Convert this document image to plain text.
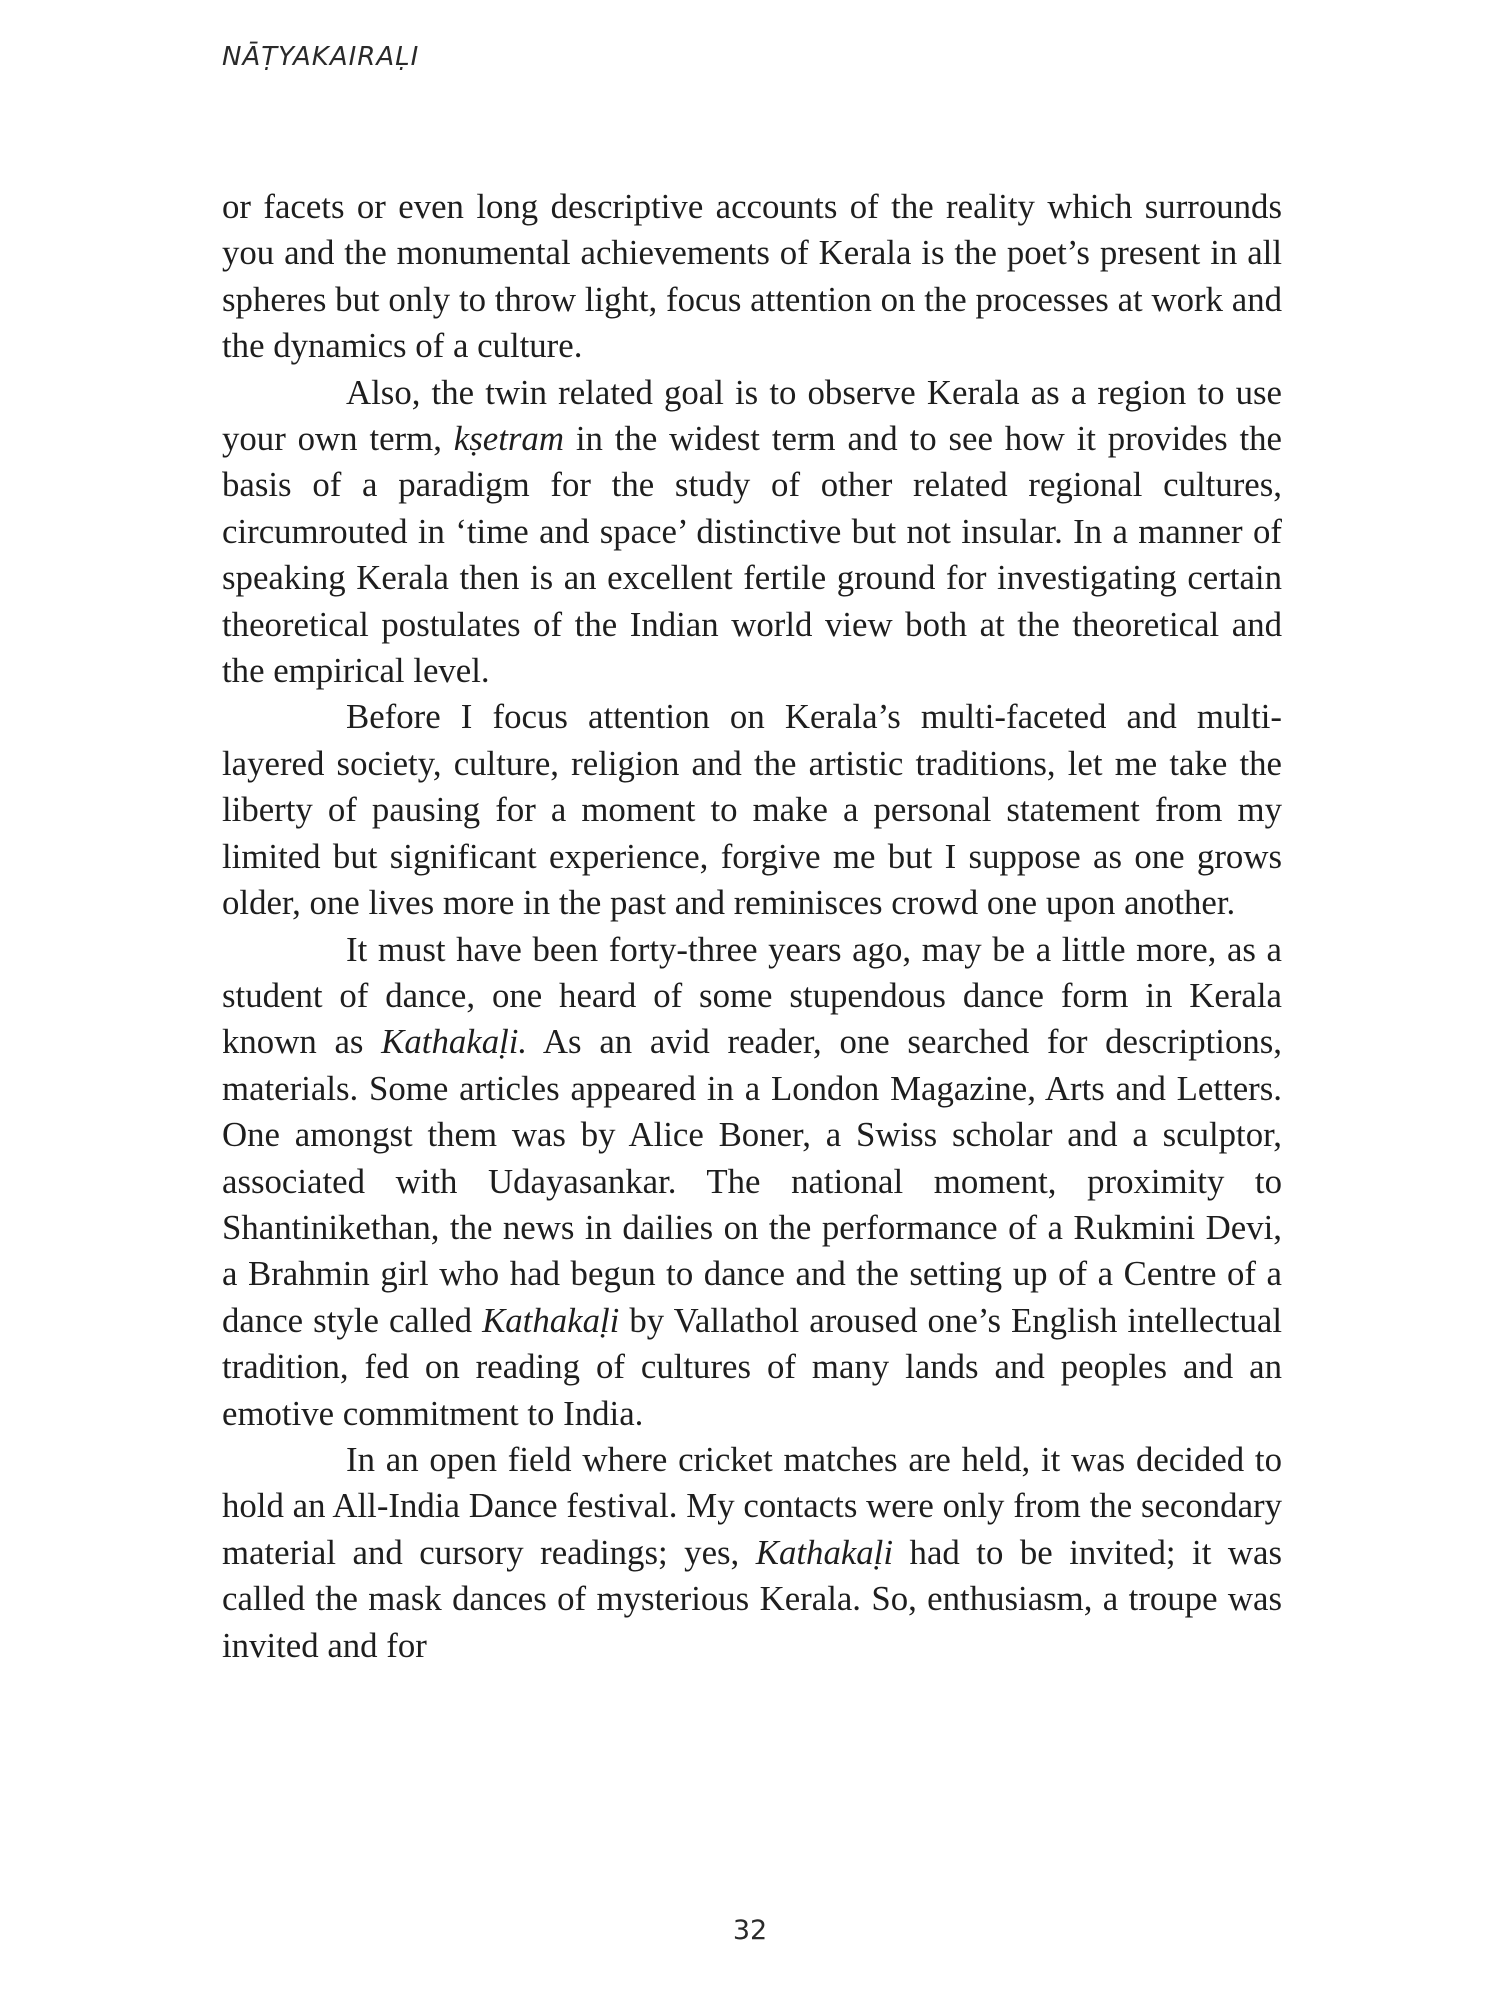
NĀṬYAKAIRAḶI

or facets or even long descriptive accounts of the reality which surrounds you and the monumental achievements of Kerala is the poet’s present in all spheres but only to throw light, focus attention on the processes at work and the dynamics of a culture.

Also, the twin related goal is to observe Kerala as a region to use your own term, kṣetram in the widest term and to see how it provides the basis of a paradigm for the study of other related regional cultures, circumrouted in ‘time and space’ distinctive but not insular. In a manner of speaking Kerala then is an excellent fertile ground for investigating certain theoretical postulates of the Indian world view both at the theoretical and the empirical level.

Before I focus attention on Kerala’s multi-faceted and multi-layered society, culture, religion and the artistic traditions, let me take the liberty of pausing for a moment to make a personal statement from my limited but significant experience, forgive me but I suppose as one grows older, one lives more in the past and reminisces crowd one upon another.

It must have been forty-three years ago, may be a little more, as a student of dance, one heard of some stupendous dance form in Kerala known as Kathakaḷi. As an avid reader, one searched for descriptions, materials. Some articles appeared in a London Magazine, Arts and Letters. One amongst them was by Alice Boner, a Swiss scholar and a sculptor, associated with Udayasankar. The national moment, proximity to Shantinikethan, the news in dailies on the performance of a Rukmini Devi, a Brahmin girl who had begun to dance and the setting up of a Centre of a dance style called Kathakaḷi by Vallathol aroused one’s English intellectual tradition, fed on reading of cultures of many lands and peoples and an emotive commitment to India.

In an open field where cricket matches are held, it was decided to hold an All-India Dance festival. My contacts were only from the secondary material and cursory readings; yes, Kathakaḷi had to be invited; it was called the mask dances of mysterious Kerala. So, enthusiasm, a troupe was invited and for

32
